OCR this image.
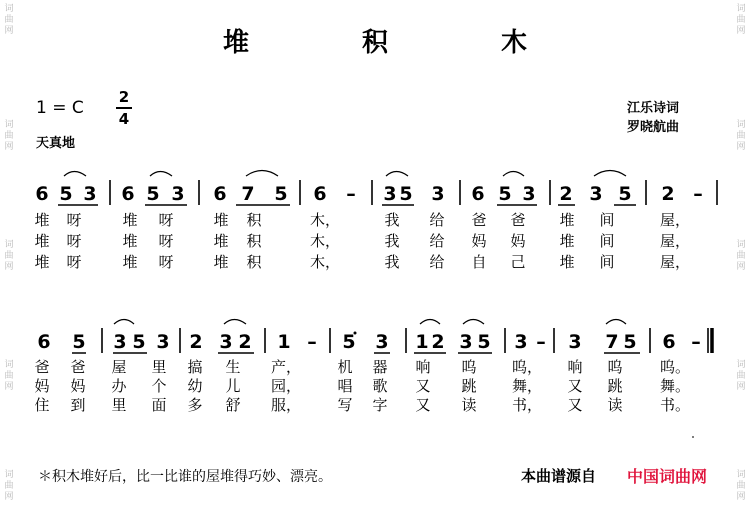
词
曲
网
词
曲
网
词
曲
网
词
曲
网
词
曲
网
词
曲
网
词
曲
网
词
曲
网
词
曲
网
词
曲
网
堆 积 木
1 = C
2
4
天真地
江乐诗词
罗晓航曲
6 5 3 6 5 3 6 7 5 6 – 3 5 3 6 5 3 2 3 5 2 –
堆 呀	堆 呀	堆 积	木，	我 给 爸 爸 堆 间	屋，
堆 呀	堆 呀	堆 积	木，	我 给 妈 妈 堆 间	屋，
堆 呀	堆 呀	堆 积	木，	我 给 自 己 堆 间	屋，
6 5 3 5 3 2 3 2 1 – 5 3 1 2 3 5 3 – 3 7 5 6 –
爸 爸 屋 里 搞 生 产，	机 器 响 呜 呜，	响 呜	呜。
妈 妈 办 个 幼 儿 园，	唱 歌 又 跳 舞，	又 跳	舞。
住 到 里 面 多 舒 服，	写 字 又 读 书，	又 读	书。
＊积木堆好后，比一比谁的屋堆得巧妙、漂亮。	本曲谱源自 中国词曲网
